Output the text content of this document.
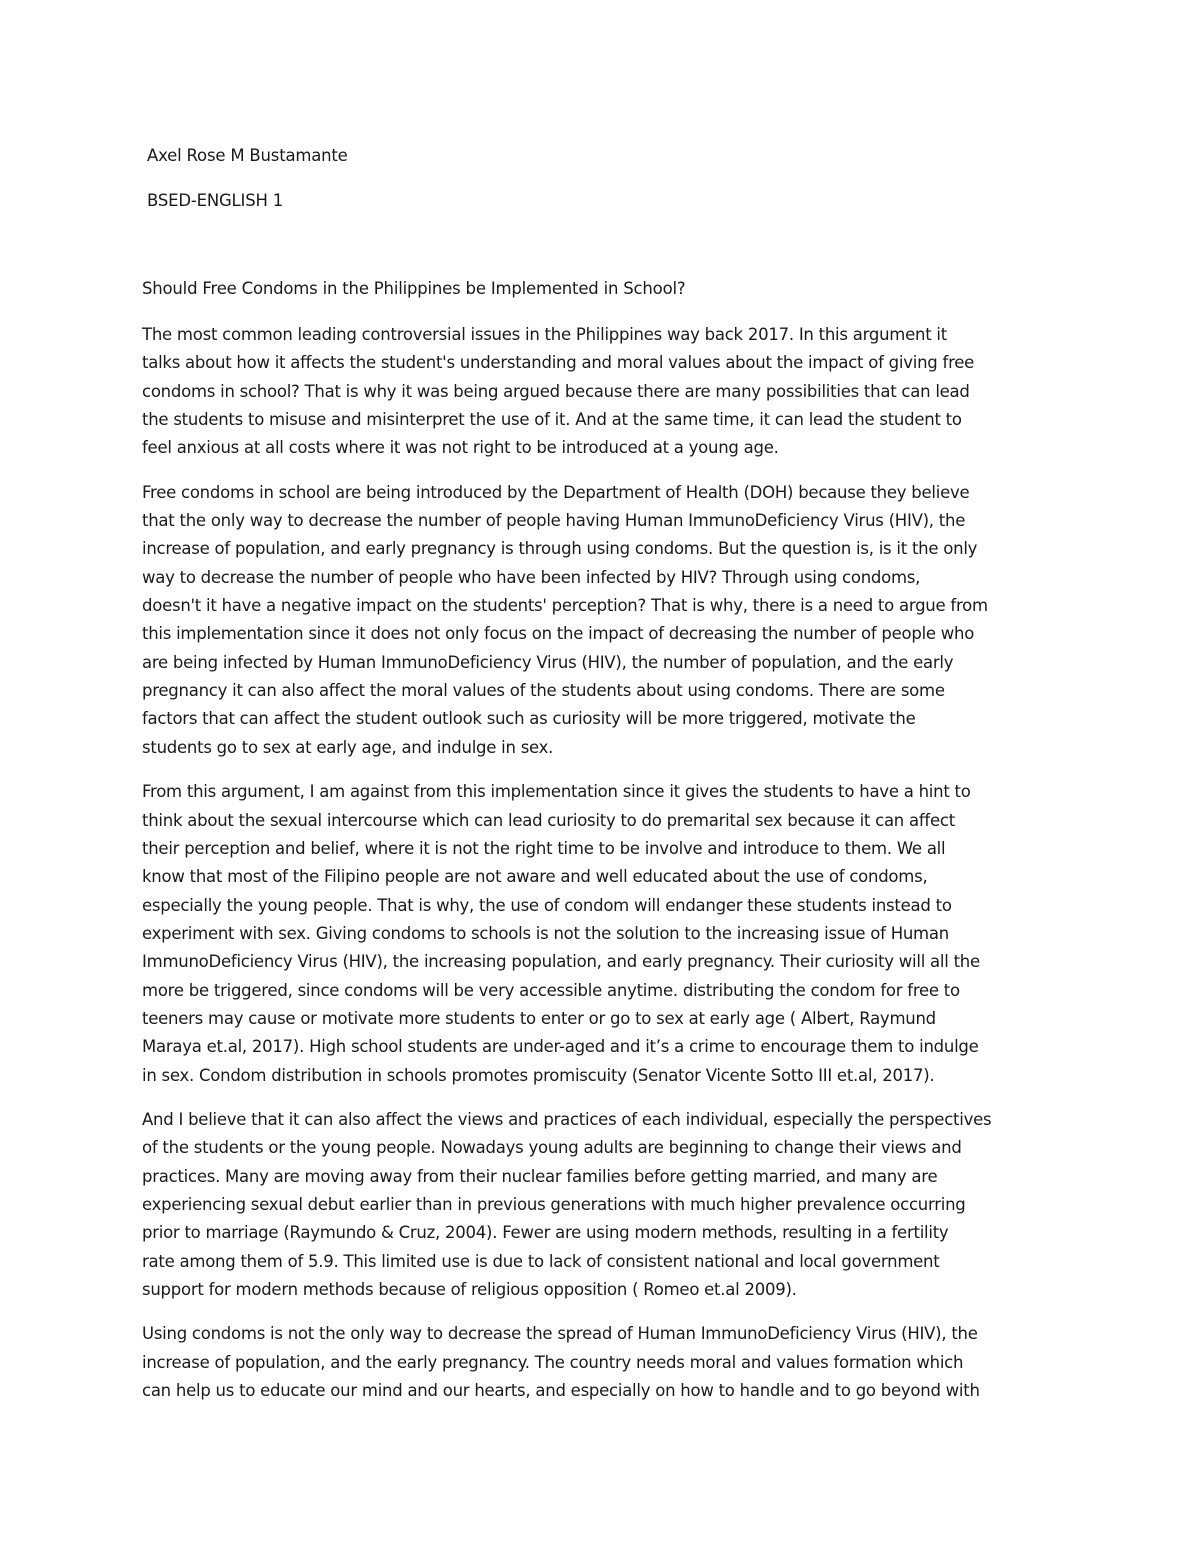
Axel Rose M Bustamante
BSED-ENGLISH 1
Should Free Condoms in the Philippines be Implemented in School?

The most common leading controversial issues in the Philippines way back 2017. In this argument it
talks about how it affects the student's understanding and moral values about the impact of giving free
condoms in school? That is why it was being argued because there are many possibilities that can lead
the students to misuse and misinterpret the use of it. And at the same time, it can lead the student to
feel anxious at all costs where it was not right to be introduced at a young age.

Free condoms in school are being introduced by the Department of Health (DOH) because they believe
that the only way to decrease the number of people having Human ImmunoDeficiency Virus (HIV), the
increase of population, and early pregnancy is through using condoms. But the question is, is it the only
way to decrease the number of people who have been infected by HIV? Through using condoms,
doesn't it have a negative impact on the students' perception? That is why, there is a need to argue from
this implementation since it does not only focus on the impact of decreasing the number of people who
are being infected by Human ImmunoDeficiency Virus (HIV), the number of population, and the early
pregnancy it can also affect the moral values of the students about using condoms. There are some
factors that can affect the student outlook such as curiosity will be more triggered, motivate the
students go to sex at early age, and indulge in sex.

From this argument, I am against from this implementation since it gives the students to have a hint to
think about the sexual intercourse which can lead curiosity to do premarital sex because it can affect
their perception and belief, where it is not the right time to be involve and introduce to them. We all
know that most of the Filipino people are not aware and well educated about the use of condoms,
especially the young people. That is why, the use of condom will endanger these students instead to
experiment with sex. Giving condoms to schools is not the solution to the increasing issue of Human
ImmunoDeficiency Virus (HIV), the increasing population, and early pregnancy. Their curiosity will all the
more be triggered, since condoms will be very accessible anytime. distributing the condom for free to
teeners may cause or motivate more students to enter or go to sex at early age ( Albert, Raymund
Maraya et.al, 2017). High school students are under-aged and it’s a crime to encourage them to indulge
in sex. Condom distribution in schools promotes promiscuity (Senator Vicente Sotto III et.al, 2017).

And I believe that it can also affect the views and practices of each individual, especially the perspectives
of the students or the young people. Nowadays young adults are beginning to change their views and
practices. Many are moving away from their nuclear families before getting married, and many are
experiencing sexual debut earlier than in previous generations with much higher prevalence occurring
prior to marriage (Raymundo & Cruz, 2004). Fewer are using modern methods, resulting in a fertility
rate among them of 5.9. This limited use is due to lack of consistent national and local government
support for modern methods because of religious opposition ( Romeo et.al 2009).

Using condoms is not the only way to decrease the spread of Human ImmunoDeficiency Virus (HIV), the
increase of population, and the early pregnancy. The country needs moral and values formation which
can help us to educate our mind and our hearts, and especially on how to handle and to go beyond with
